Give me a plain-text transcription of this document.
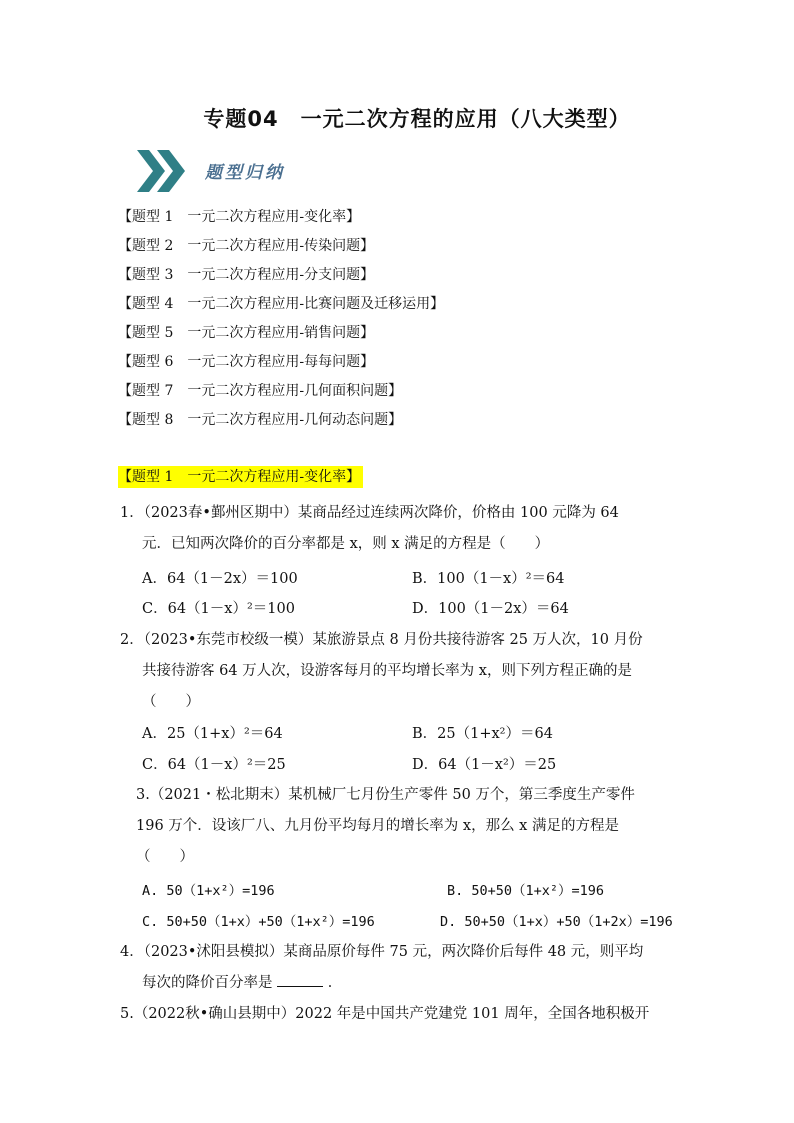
专题04　一元二次方程的应用（八大类型）
题型归纳
【题型 1　一元二次方程应用-变化率】
【题型 2　一元二次方程应用-传染问题】
【题型 3　一元二次方程应用-分支问题】
【题型 4　一元二次方程应用-比赛问题及迁移运用】
【题型 5　一元二次方程应用-销售问题】
【题型 6　一元二次方程应用-每每问题】
【题型 7　一元二次方程应用-几何面积问题】
【题型 8　一元二次方程应用-几何动态问题】
【题型 1　一元二次方程应用-变化率】
1．（2023春•鄞州区期中）某商品经过连续两次降价，价格由 100 元降为 64
元．已知两次降价的百分率都是 x，则 x 满足的方程是（　　）
A．64（1－2x）＝100	B．100（1－x）²＝64
C．64（1－x）²＝100	D．100（1－2x）＝64
2．（2023•东莞市校级一模）某旅游景点 8 月份共接待游客 25 万人次，10 月份
共接待游客 64 万人次，设游客每月的平均增长率为 x，则下列方程正确的是
（　　）
A．25（1+x）²＝64	B．25（1+x²）＝64
C．64（1－x）²＝25	D．64（1－x²）＝25
3.（2021・松北期末）某机械厂七月份生产零件 50 万个，第三季度生产零件
196 万个．设该厂八、九月份平均每月的增长率为 x，那么 x 满足的方程是
（　　）
A. 50（1+x²）=196	B. 50+50（1+x²）=196
C. 50+50（1+x）+50（1+x²）=196	D. 50+50（1+x）+50（1+2x）=196
4．（2023•沭阳县模拟）某商品原价每件 75 元，两次降价后每件 48 元，则平均
每次的降价百分率是	．
5.（2022秋•确山县期中）2022 年是中国共产党建党 101 周年，全国各地积极开
